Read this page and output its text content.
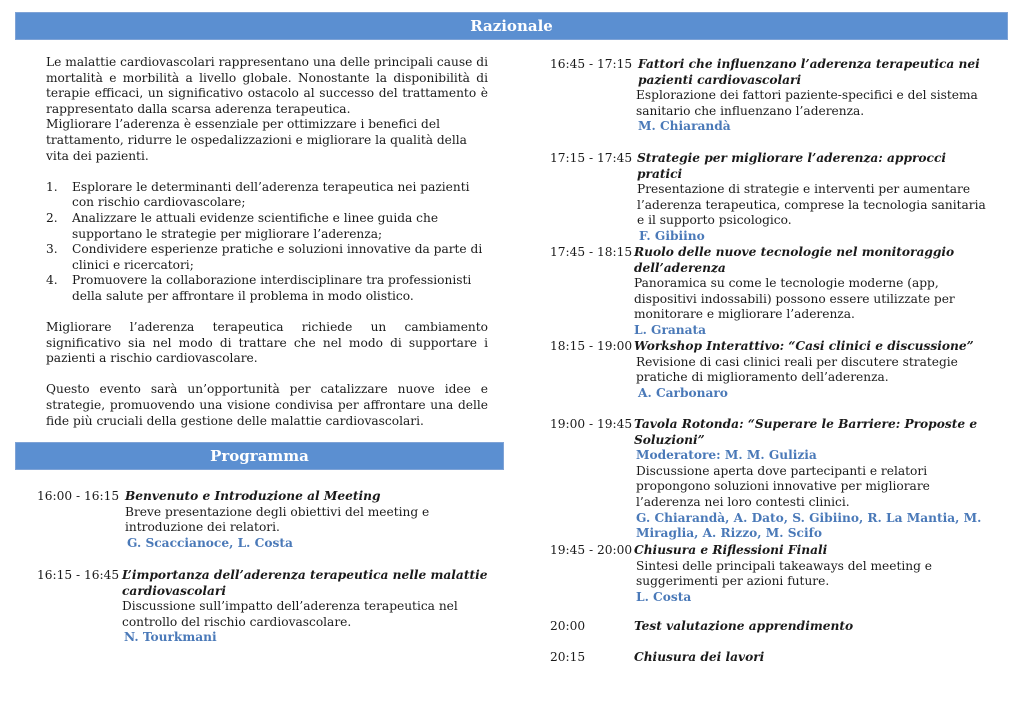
Razionale
Programma

Le malattie cardiovascolari rappresentano una delle principali cause di mortalità e morbilità a livello globale. Nonostante la disponibilità di terapie efficaci, un significativo ostacolo al successo del trattamento è rappresentato dalla scarsa aderenza terapeutica.

Migliorare l’aderenza è essenziale per ottimizzare i benefici del trattamento, ridurre le ospedalizzazioni e migliorare la qualità della vita dei pazienti.

1. Esplorare le determinanti dell’aderenza terapeutica nei pazienti con rischio cardiovascolare;
2. Analizzare le attuali evidenze scientifiche e linee guida che supportano le strategie per migliorare l’aderenza;
3. Condividere esperienze pratiche e soluzioni innovative da parte di clinici e ricercatori;
4. Promuovere la collaborazione interdisciplinare tra professionisti della salute per affrontare il problema in modo olistico.

Migliorare l’aderenza terapeutica richiede un cambiamento significativo sia nel modo di trattare che nel modo di supportare i pazienti a rischio cardiovascolare.

Questo evento sarà un’opportunità per catalizzare nuove idee e strategie, promuovendo una visione condivisa per affrontare una delle fide più cruciali della gestione delle malattie cardiovascolari.

16:00 - 16:15 Benvenuto e Introduzione al Meeting
Breve presentazione degli obiettivi del meeting e introduzione dei relatori.
G. Scaccianoce, L. Costa
16:15 - 16:45 L’importanza dell’aderenza terapeutica nelle malattie cardiovascolari
Discussione sull’impatto dell’aderenza terapeutica nel controllo del rischio cardiovascolare.
N. Tourkmani
16:45 - 17:15 Fattori che influenzano l’aderenza terapeutica nei pazienti cardiovascolari
Esplorazione dei fattori paziente-specifici e del sistema sanitario che influenzano l’aderenza.
M. Chiarandà
17:15 - 17:45 Strategie per migliorare l’aderenza: approcci pratici
Presentazione di strategie e interventi per aumentare l’aderenza terapeutica, comprese la tecnologia sanitaria e il supporto psicologico.
F. Gibiino
17:45 - 18:15 Ruolo delle nuove tecnologie nel monitoraggio dell’aderenza
Panoramica su come le tecnologie moderne (app, dispositivi indossabili) possono essere utilizzate per monitorare e migliorare l’aderenza.
L. Granata
18:15 - 19:00 Workshop Interattivo: “Casi clinici e discussione”
Revisione di casi clinici reali per discutere strategie pratiche di miglioramento dell’aderenza.
A. Carbonaro
19:00 - 19:45 Tavola Rotonda: “Superare le Barriere: Proposte e Soluzioni”
Moderatore: M. M. Gulizia
Discussione aperta dove partecipanti e relatori propongono soluzioni innovative per migliorare l’aderenza nei loro contesti clinici.
G. Chiarandà, A. Dato, S. Gibiino, R. La Mantia, M. Miraglia, A. Rizzo, M. Scifo
19:45 - 20:00 Chiusura e Riflessioni Finali
Sintesi delle principali takeaways del meeting e suggerimenti per azioni future.
L. Costa
20:00	Test valutazione apprendimento
20:15	Chiusura dei lavori
